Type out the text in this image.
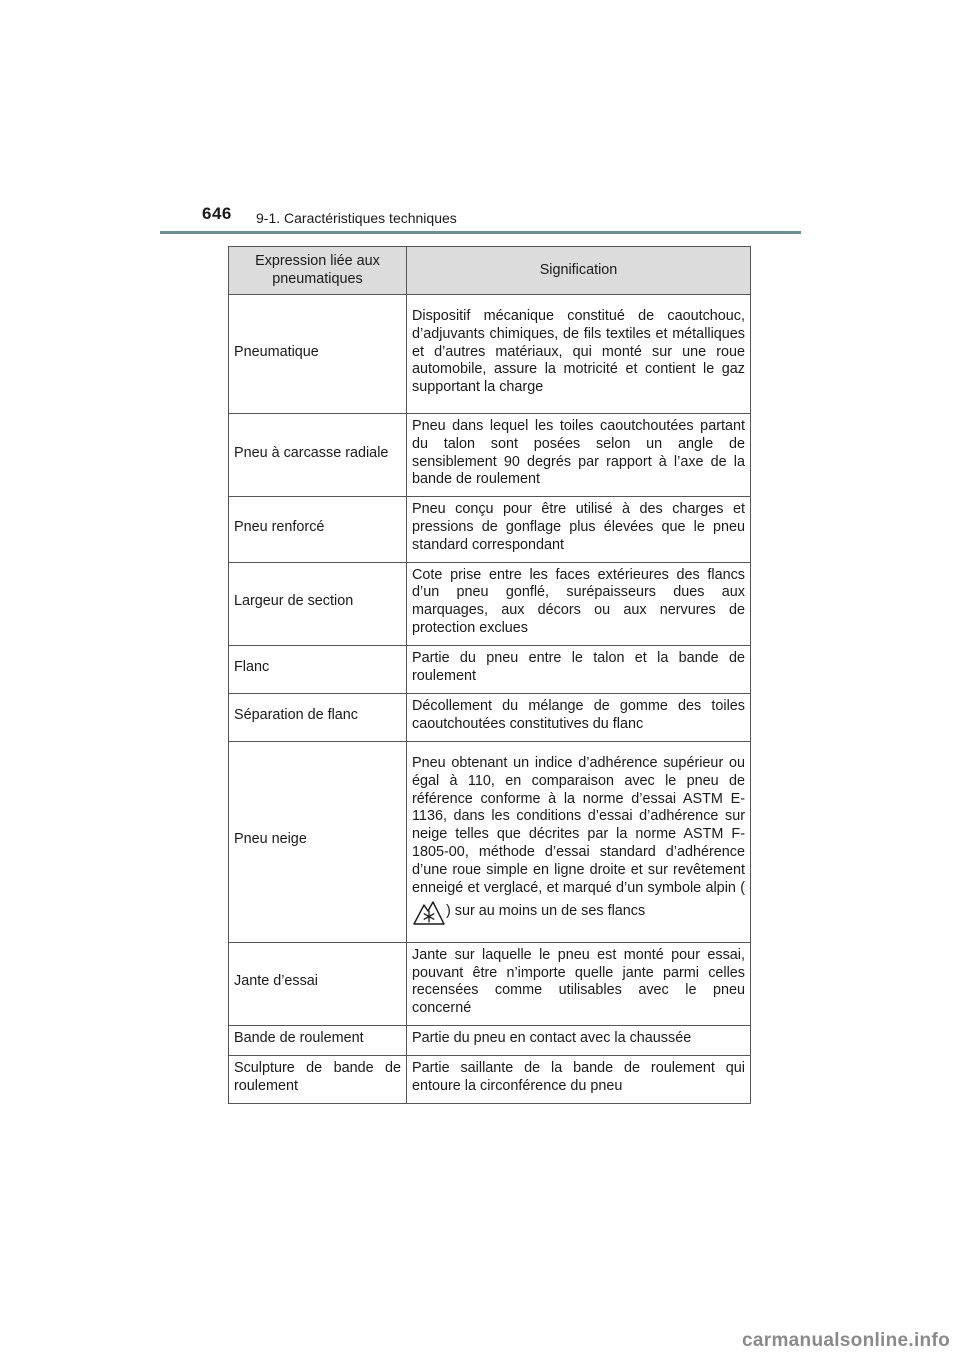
646 9-1. Caractéristiques techniques
Expression liée aux pneumatiques	Signification
Pneumatique	Dispositif mécanique constitué de caoutchouc, d’adjuvants chimiques, de fils textiles et métalliques et d’autres matériaux, qui monté sur une roue automobile, assure la motricité et contient le gaz supportant la charge
Pneu à carcasse radiale	Pneu dans lequel les toiles caoutchoutées partant du talon sont posées selon un angle de sensiblement 90 degrés par rapport à l’axe de la bande de roulement
Pneu renforcé	Pneu conçu pour être utilisé à des charges et pressions de gonflage plus élevées que le pneu standard correspondant
Largeur de section	Cote prise entre les faces extérieures des flancs d’un pneu gonflé, surépaisseurs dues aux marquages, aux décors ou aux nervures de protection exclues
Flanc	Partie du pneu entre le talon et la bande de roulement
Séparation de flanc	Décollement du mélange de gomme des toiles caoutchoutées constitutives du flanc
Pneu neige	Pneu obtenant un indice d’adhérence supérieur ou égal à 110, en comparaison avec le pneu de référence conforme à la norme d’essai ASTM E-1136, dans les conditions d’essai d’adhérence sur neige telles que décrites par la norme ASTM F-1805-00, méthode d’essai standard d’adhérence d’une roue simple en ligne droite et sur revêtement enneigé et verglacé, et marqué d’un symbole alpin () sur au moins un de ses flancs
Jante d’essai	Jante sur laquelle le pneu est monté pour essai, pouvant être n’importe quelle jante parmi celles recensées comme utilisables avec le pneu concerné
Bande de roulement	Partie du pneu en contact avec la chaussée
Sculpture de bande de roulement	Partie saillante de la bande de roulement qui entoure la circonférence du pneu
carmanualsonline.info
